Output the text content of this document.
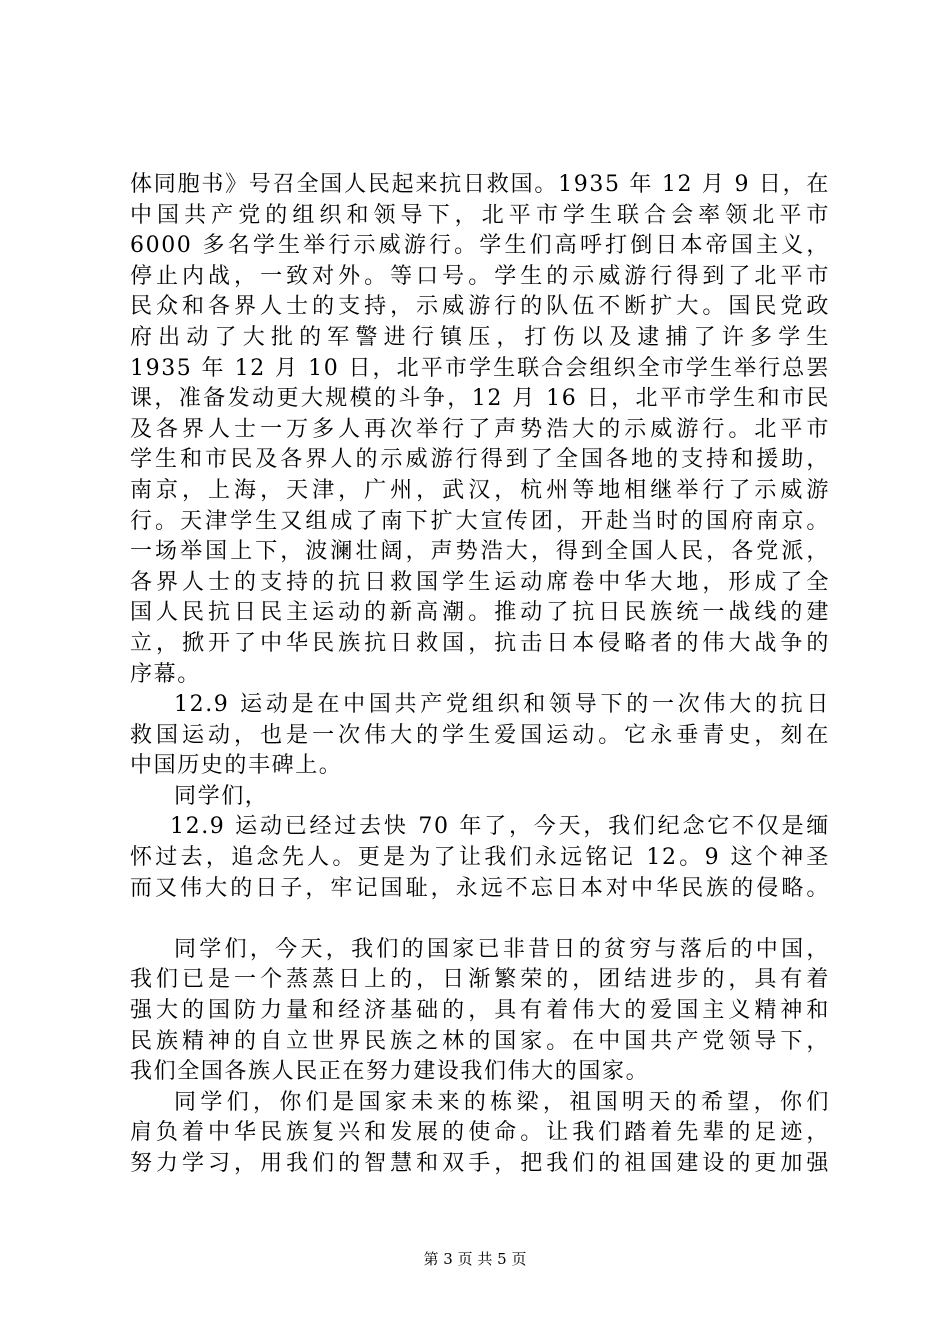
体同胞书》号召全国人民起来抗日救国。1935 年 12 月 9 日，在
中国共产党的组织和领导下，北平市学生联合会率领北平市
6000 多名学生举行示威游行。学生们高呼打倒日本帝国主义，
停止内战，一致对外。等口号。学生的示威游行得到了北平市
民众和各界人士的支持，示威游行的队伍不断扩大。国民党政
府出动了大批的军警进行镇压，打伤以及逮捕了许多学生
1935 年 12 月 10 日，北平市学生联合会组织全市学生举行总罢
课，准备发动更大规模的斗争，12 月 16 日，北平市学生和市民
及各界人士一万多人再次举行了声势浩大的示威游行。北平市
学生和市民及各界人的示威游行得到了全国各地的支持和援助，
南京，上海，天津，广州，武汉，杭州等地相继举行了示威游
行。天津学生又组成了南下扩大宣传团，开赴当时的国府南京。
一场举国上下，波澜壮阔，声势浩大，得到全国人民，各党派，
各界人士的支持的抗日救国学生运动席卷中华大地，形成了全
国人民抗日民主运动的新高潮。推动了抗日民族统一战线的建
立，掀开了中华民族抗日救国，抗击日本侵略者的伟大战争的
序幕。
12.9 运动是在中国共产党组织和领导下的一次伟大的抗日
救国运动，也是一次伟大的学生爱国运动。它永垂青史，刻在
中国历史的丰碑上。
同学们，
12.9 运动已经过去快 70 年了，今天，我们纪念它不仅是缅
怀过去，追念先人。更是为了让我们永远铭记 12。9 这个神圣
而又伟大的日子，牢记国耻，永远不忘日本对中华民族的侵略。
同学们，今天，我们的国家已非昔日的贫穷与落后的中国，
我们已是一个蒸蒸日上的，日渐繁荣的，团结进步的，具有着
强大的国防力量和经济基础的，具有着伟大的爱国主义精神和
民族精神的自立世界民族之林的国家。在中国共产党领导下，
我们全国各族人民正在努力建设我们伟大的国家。
同学们，你们是国家未来的栋梁，祖国明天的希望，你们
肩负着中华民族复兴和发展的使命。让我们踏着先辈的足迹，
努力学习，用我们的智慧和双手，把我们的祖国建设的更加强
第 3 页 共 5 页
